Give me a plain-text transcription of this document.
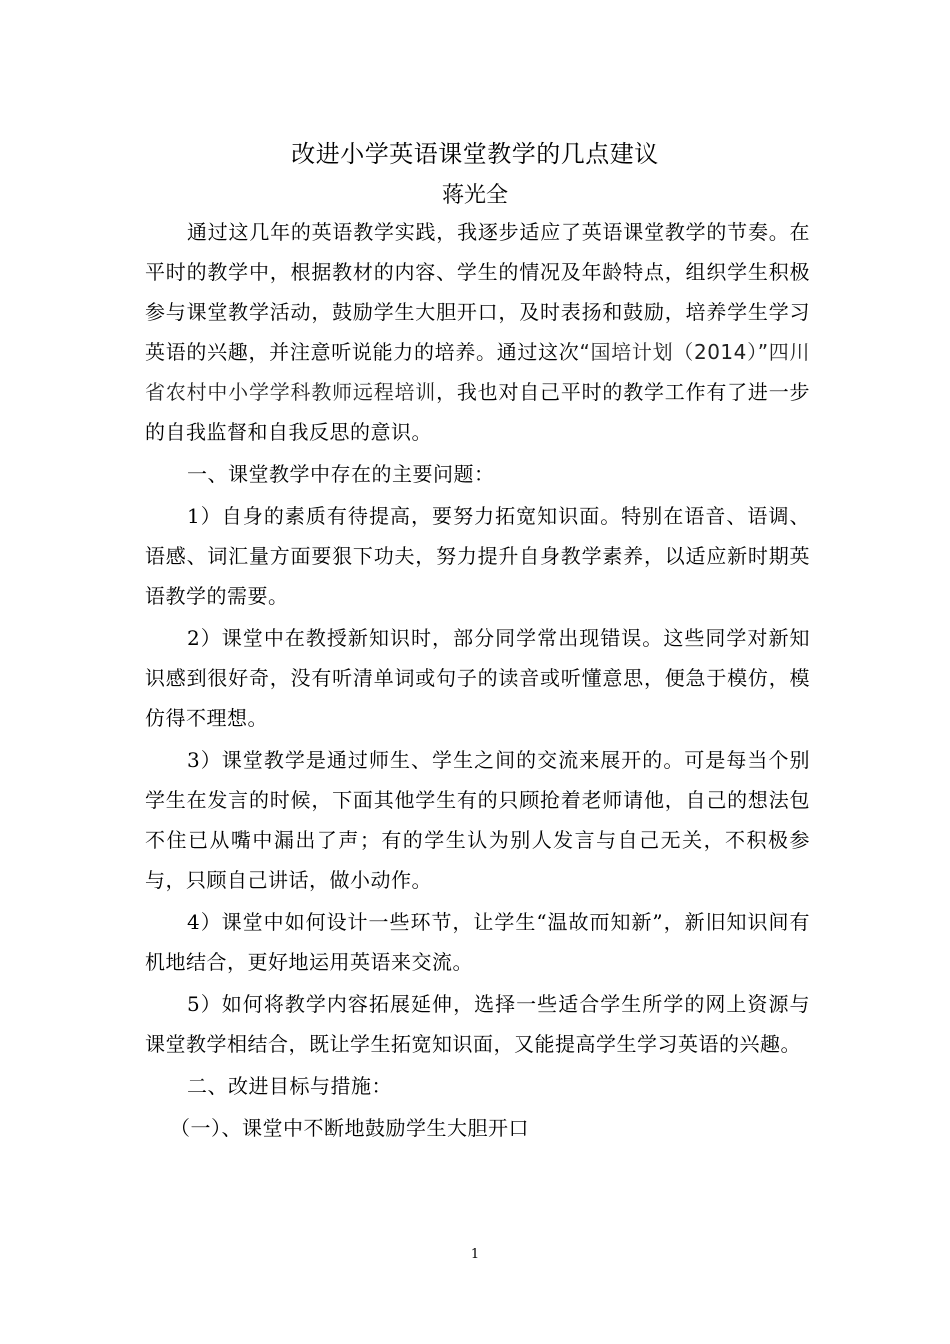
改进小学英语课堂教学的几点建议
蒋光全

通过这几年的英语教学实践，我逐步适应了英语课堂教学的节奏。在平时的教学中，根据教材的内容、学生的情况及年龄特点，组织学生积极参与课堂教学活动，鼓励学生大胆开口，及时表扬和鼓励，培养学生学习英语的兴趣，并注意听说能力的培养。通过这次“国培计划（2014）”四川省农村中小学学科教师远程培训，我也对自己平时的教学工作有了进一步的自我监督和自我反思的意识。

一、课堂教学中存在的主要问题：

1）自身的素质有待提高，要努力拓宽知识面。特别在语音、语调、语感、词汇量方面要狠下功夫，努力提升自身教学素养，以适应新时期英语教学的需要。

2）课堂中在教授新知识时，部分同学常出现错误。这些同学对新知识感到很好奇，没有听清单词或句子的读音或听懂意思，便急于模仿，模仿得不理想。

3）课堂教学是通过师生、学生之间的交流来展开的。可是每当个别学生在发言的时候，下面其他学生有的只顾抢着老师请他，自己的想法包不住已从嘴中漏出了声；有的学生认为别人发言与自己无关，不积极参与，只顾自己讲话，做小动作。

4）课堂中如何设计一些环节，让学生“温故而知新”，新旧知识间有机地结合，更好地运用英语来交流。

5）如何将教学内容拓展延伸，选择一些适合学生所学的网上资源与课堂教学相结合，既让学生拓宽知识面，又能提高学生学习英语的兴趣。

二、改进目标与措施：

（一）、课堂中不断地鼓励学生大胆开口

1
